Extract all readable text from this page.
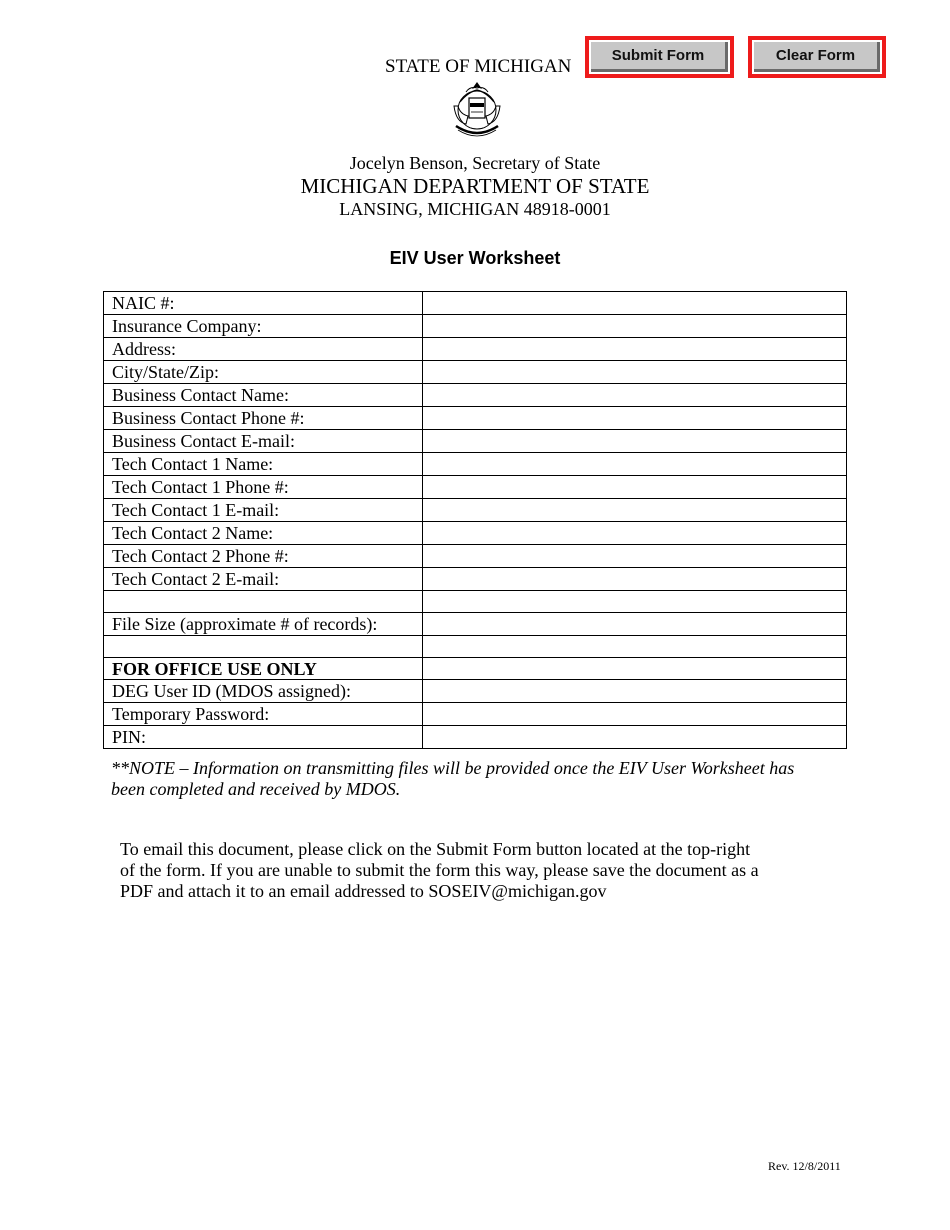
STATE OF MICHIGAN
Submit Form	Clear Form
Jocelyn Benson, Secretary of State
MICHIGAN DEPARTMENT OF STATE
LANSING, MICHIGAN 48918-0001
EIV User Worksheet
NAIC #:	
Insurance Company:	
Address:	
City/State/Zip:	
Business Contact Name:	
Business Contact Phone #:	
Business Contact E-mail:	
Tech Contact 1 Name:	
Tech Contact 1 Phone #:	
Tech Contact 1 E-mail:	
Tech Contact 2 Name:	
Tech Contact 2 Phone #:	
Tech Contact 2 E-mail:	

File Size (approximate # of records):	

FOR OFFICE USE ONLY	
DEG User ID (MDOS assigned):	
Temporary Password:	
PIN:	
**NOTE – Information on transmitting files will be provided once the EIV User Worksheet has
been completed and received by MDOS.
To email this document, please click on the Submit Form button located at the top-right
of the form. If you are unable to submit the form this way, please save the document as a
PDF and attach it to an email addressed to SOSEIV@michigan.gov
Rev. 12/8/2011
